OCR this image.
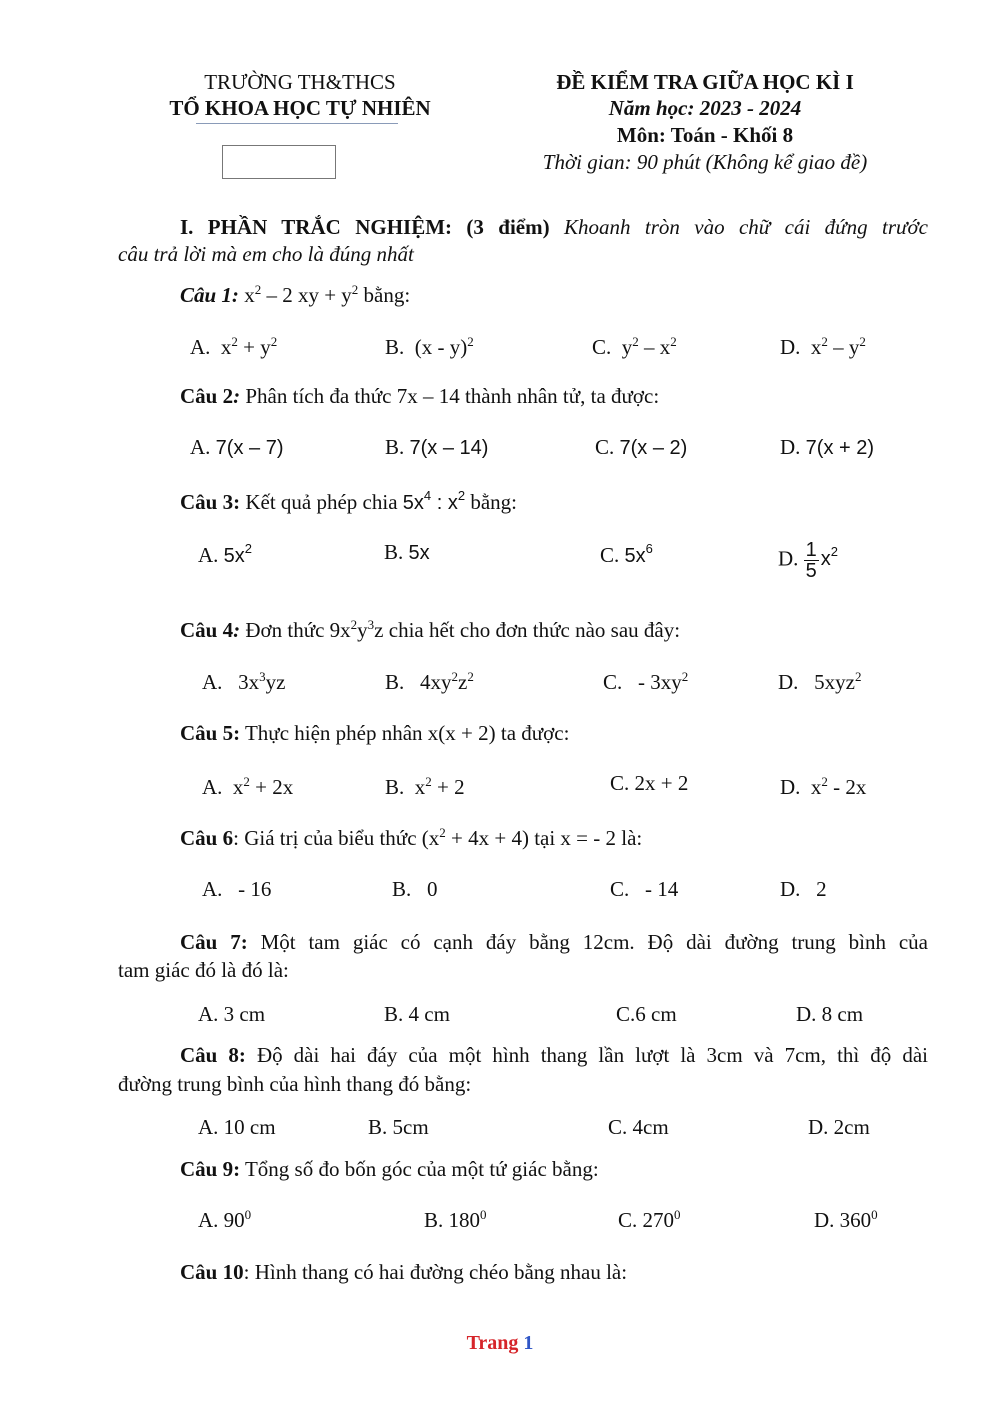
TRƯỜNG TH&THCS
TỔ KHOA HỌC TỰ NHIÊN
ĐỀ KIỂM TRA GIỮA HỌC KÌ I
Năm học: 2023 - 2024
Môn: Toán - Khối 8
Thời gian: 90 phút (Không kể giao đề)
I. PHẦN TRẮC NGHIỆM: (3 điểm) Khoanh tròn vào chữ cái đứng trước
câu trả lời mà em cho là đúng nhất
Câu 1: $x^2 - 2$ xy + $y^2$ bằng:
A. $x^2 + y^2$	B. (x - y)$^2$	C. $y^2 - x^2$	D. $x^2 - y^2$
Câu 2: Phân tích đa thức 7x – 14 thành nhân tử, ta được:
A. 7(x – 7)	B. 7(x – 14)	C. 7(x – 2)	D. 7(x + 2)
Câu 3: Kết quả phép chia $5x^4$ : $x^2$ bằng:
A. $5x^2$	B. 5x	C. $5x^6$	D. $\frac{1}{5} x^2$
Câu 4: Đơn thức $9x^2y^3z$ chia hết cho đơn thức nào sau đây:
A. $3x^3yz$	B. $4xy^2z^2$	C. - $3xy^2$	D. 5xyz$^2$
Câu 5: Thực hiện phép nhân x(x + 2) ta được:
A. $x^2 + 2x$	B. $x^2 + 2$	C. 2x + 2	D. $x^2 - 2x$
Câu 6: Giá trị của biểu thức $(x^2 + 4x + 4)$ tại x = - 2 là:
A. - 16	B. 0	C. - 14	D. 2
Câu 7: Một tam giác có cạnh đáy bằng 12cm. Độ dài đường trung bình của
tam giác đó là đó là:
A. 3 cm	B. 4 cm	C.6 cm	D. 8 cm
Câu 8: Độ dài hai đáy của một hình thang lần lượt là 3cm và 7cm, thì độ dài
đường trung bình của hình thang đó bằng:
A. 10 cm	B. 5cm	C. 4cm	D. 2cm
Câu 9: Tổng số đo bốn góc của một tứ giác bằng:
A. $90^0$	B. $180^0$	C. $270^0$	D. $360^0$
Câu 10: Hình thang có hai đường chéo bằng nhau là:
Trang 1
